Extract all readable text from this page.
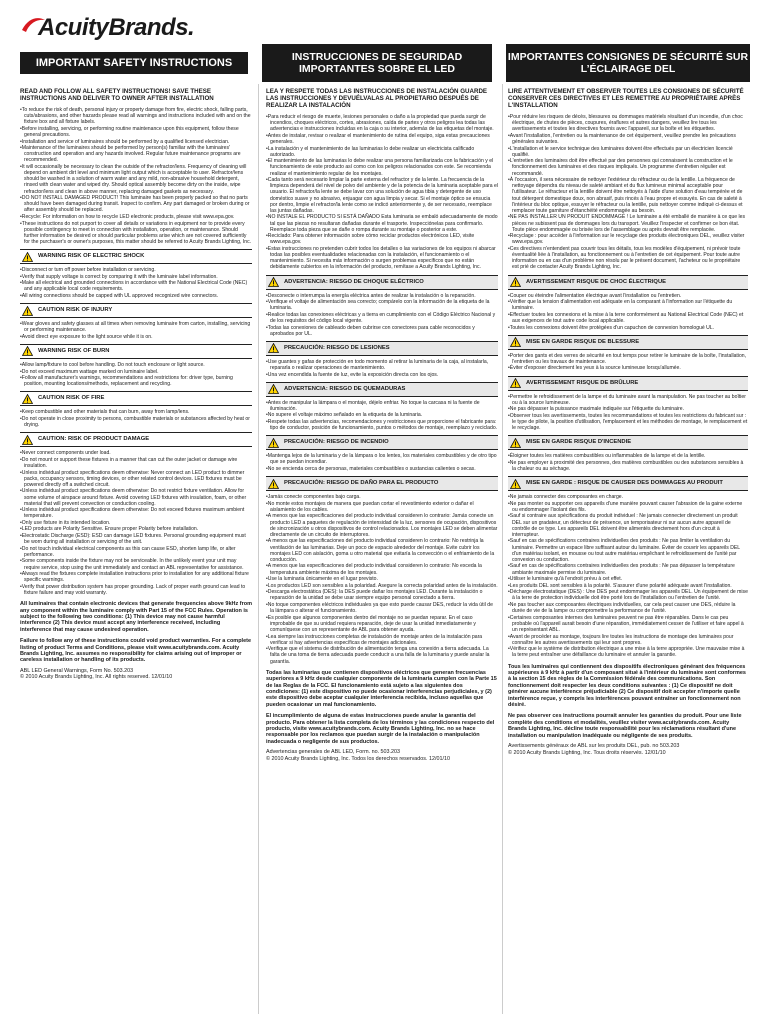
AcuityBrands.
IMPORTANT SAFETY INSTRUCTIONS	INSTRUCCIONES DE SEGURIDAD IMPORTANTES SOBRE EL LED
IMPORTANTES CONSIGNES DE SÉCURITÉ SUR L’ÉCLAIRAGE DEL
READ AND FOLLOW ALL SAFETY INSTRUCTIONS! SAVE THESE INSTRUCTIONS AND DELIVER TO OWNER AFTER INSTALLATION
• To reduce the risk of death, personal injury or property damage from fire, electric shock, falling parts, cuts/abrasions, and other hazards please read all warnings and instructions included with and on the fixture box and all fixture labels.
• Before installing, servicing, or performing routine maintenance upon this equipment, follow these general precautions.
• Installation and service of luminaires should be performed by a qualified licensed electrician.
• Maintenance of the luminaires should be performed by person(s) familiar with the luminaires' construction and operation and any hazards involved. Regular future maintenance programs are recommended.
• It will occasionally be necessary to clean the outside of the refractor/lens. Frequency of cleaning will depend on ambient dirt level and minimum light output which is acceptable to user. Refractor/lens should be washed in a solution of warm water and any mild, non-abrasive household detergent, rinsed with clean water and wiped dry. Should optical assembly become dirty on the inside, wipe refractor/lens and clean in above manner, replacing damaged gaskets as necessary.
• DO NOT INSTALL DAMAGED PRODUCT! This luminaire has been properly packed so that no parts should have been damaged during transit. Inspect to confirm. Any part damaged or broken during or after assembly should be replaced.
• Recycle: For information on how to recycle LED electronic products, please visit www.epa.gov.
• These instructions do not purport to cover all details or variations in equipment nor to provide every possible contingency to meet in connection with installation, operation, or maintenance. Should further information be desired or should particular problems arise which are not covered sufficiently for the purchaser's or owner's purposes, this matter should be referred to Acuity Brands Lighting, Inc.
WARNING RISK OF ELECTRIC SHOCK
• Disconnect or turn off power before installation or servicing.
• Verify that supply voltage is correct by comparing it with the luminaire label information.
• Make all electrical and grounded connections in accordance with the National Electrical Code (NEC) and any applicable local code requirements.
• All wiring connections should be capped with UL approved recognized wire connectors.
CAUTION RISK OF INJURY
• Wear gloves and safety glasses at all times when removing luminaire from carton, installing, servicing or performing maintenance.
• Avoid direct eye exposure to the light source while it is on.
WARNING RISK OF BURN
• Allow lamp/fixture to cool before handling. Do not touch enclosure or light source.
• Do not exceed maximum wattage marked on luminaire label.
• Follow all manufacturer's warnings, recommendations and restrictions for: driver type, burning position, mounting locations/methods, replacement and recycling.
CAUTION RISK OF FIRE
• Keep combustible and other materials that can burn, away from lamp/lens.
• Do not operate in close proximity to persons, combustible materials or substances affected by heat or drying.
CAUTION: RISK OF PRODUCT DAMAGE
• Never connect components under load.
• Do not mount or support these fixtures in a manner that can cut the outer jacket or damage wire insulation.
• Unless individual product specifications deem otherwise: Never connect an LED product to dimmer packs, occupancy sensors, timing devices, or other related control devices. LED fixtures must be powered directly off a switched circuit.
• Unless individual product specifications deem otherwise: Do not restrict fixture ventilation. Allow for some volume of airspace around fixture. Avoid covering LED fixtures with insulation, foam, or other material that will prevent convection or conduction cooling.
• Unless individual product specifications deem otherwise: Do not exceed fixtures maximum ambient temperature.
• Only use fixture in its intended location.
• LED products are Polarity Sensitive. Ensure proper Polarity before installation.
• Electrostatic Discharge (ESD): ESD can damage LED fixtures. Personal grounding equipment must be worn during all installation or servicing of the unit.
• Do not touch individual electrical components as this can cause ESD, shorten lamp life, or alter performance.
• Some components inside the fixture may not be serviceable. In the unlikely event your unit may require service, stop using the unit immediately and contact an ABL representative for assistance.
• Always read the fixtures complete installation instructions prior to installation for any additional fixture specific warnings.
• Verify that power distribution system has proper grounding. Lack of proper earth ground can lead to fixture failure and may void warranty.
All luminaires that contain electronic devices that generate frequencies above 9kHz from any component within the luminaire comply with Part 15 of the FCC Rules. Operation is subject to the following two conditions: (1) This device may not cause harmful interference (2) This device must accept any interference received, including interference that may cause undesired operation.
Failure to follow any of these instructions could void product warranties. For a complete listing of product Terms and Conditions, please visit www.acuitybrands.com. Acuity Brands Lighting, Inc. assumes no responsibility for claims arising out of improper or careless installation or handling of its products.
ABL LED General Warnings, Form No. 503.203
© 2010 Acuity Brands Lighting, Inc. All rights reserved. 12/01/10
LEA Y RESPETE TODAS LAS INSTRUCCIONES DE INSTALACIÓN GUARDE LAS INSTRUCCIONES Y DEVUÉLVALAS AL PROPIETARIO DESPUÉS DE REALIZAR LA INSTALACIÓN
• Para reducir el riesgo de muerte, lesiones personales o daño a la propiedad que pueda surgir de incendios, choques eléctricos, cortes, abrasiones, caída de partes y otros peligros lea todas las advertencias e instrucciones incluidas en la caja o su interior, además de las etiquetas del montaje.
• Antes de instalar, revisar o realizar el mantenimiento de rutina del equipo, siga estas precauciones generales.
• La instalación y el mantenimiento de las luminarias lo debe realizar un electricista calificado autorizado.
• El mantenimiento de las luminarias lo debe realizar una persona familiarizada con la fabricación y el funcionamiento de este producto así como con los peligros relacionados con este. Se recomienda realizar el mantenimiento regular de los montajes.
• Cada tanto será necesario limpiar la parte externa del refractor y de la lente. La frecuencia de la limpieza dependerá del nivel de polvo del ambiente y de la potencia de la luminaria aceptable para el usuario. El refractor/la lente se debe lavar con una solución de agua tibia y detergente de uso doméstico suave y no abrasivo, enjuagar con agua limpia y secar. Si el montaje óptico se ensucia por dentro, limpie el refractor/la lente como se indicó anteriormente y, de ser necesario, reemplace las juntas dañadas.
• NO INSTALE EL PRODUCTO SI ESTÁ DAÑADO Esta luminaria se embaló adecuadamente de modo tal que las piezas no resultaran dañadas durante el trasporte. Inspecciónelas para confirmarlo. Reemplace toda pieza que se dañe o rompa durante su montaje o posterior a este.
• Reciclado: Para obtener información sobre cómo reciclar productos electrónicos LED, visite www.epa.gov.
• Estas instrucciones no pretenden cubrir todos los detalles o las variaciones de los equipos ni abarcar todas las posibles eventualidades relacionadas con la instalación, el funcionamiento o el mantenimiento. Si necesita más información o surgen problemas específicos que no están debidamente cubiertos en la información del producto, remítase a Acuity Brands Lighting, Inc.
ADVERTENCIA: RIESGO DE CHOQUE ELÉCTRICO
• Desconecte o interrumpa la energía eléctrica antes de realizar la instalación o la reparación.
• Verifique el voltaje de alimentación sea correcto; compárelo con la información de la etiqueta de la luminaria.
• Realice todas las conexiones eléctricas y a tierra en cumplimiento con el Código Eléctrico Nacional y de los requisitos del código local vigente.
• Todas las conexiones de cableado deben cubrirse con conectores para cable reconocidos y aprobados por UL.
PRECAUCIÓN: RIESGO DE LESIONES
• Use guantes y gafas de protección en todo momento al retirar la luminaria de la caja, al instalarla, repararla o realizar operaciones de mantenimiento.
• Una vez encendida la fuente de luz, evite la exposición directa con los ojos.
ADVERTENCIA: RIESGO DE QUEMADURAS
• Antes de manipular la lámpara o el montaje, déjelo enfriar. No toque la carcasa ni la fuente de iluminación.
• No supere el voltaje máximo señalado en la etiqueta de la luminaria.
• Respete todas las advertencias, recomendaciones y restricciones que proporcione el fabricante para: tipo de conductor, posición de funcionamiento, puntos o métodos de montaje, reemplazo y reciclado.
PRECAUCIÓN: RIESGO DE INCENDIO
• Mantenga lejos de la luminaria y de la lámpara o los lentes, los materiales combustibles y de otro tipo que se puedan incendiar.
• No se encienda cerca de personas, materiales combustibles o sustancias calientes o secas.
PRECAUCIÓN: RIESGO DE DAÑO PARA EL PRODUCTO
• Jamás conecte componentes bajo carga.
• No monte estos montajes de manera que puedan cortar el revestimiento exterior o dañar el aislamiento de los cables.
• A menos que las especificaciones del producto individual consideren lo contrario: Jamás conecte un producto LED a paquetes de regulación de intensidad de la luz, sensores de ocupación, dispositivos de sincronización u otros dispositivos de control relacionados. Los montajes LED se deben alimentar directamente de un circuito de interruptores.
• A menos que las especificaciones del producto individual consideren lo contrario: No restrinja la ventilación de las luminarias. Deje un poco de espacio alrededor del montaje. Evite cubrir los montajes LED con aislación, goma u otro material que evitaría la convección o el enfriamiento de la conducción.
• A menos que las especificaciones del producto individual consideren lo contrario: No exceda la temperatura ambiente máxima de los montajes.
• Use la luminaria únicamente en el lugar previsto.
• Los productos LED son sensibles a la polaridad. Asegure la correcta polaridad antes de la instalación.
• Descarga electrostática (DES): la DES puede dañar los montajes LED. Durante la instalación o reparación de la unidad se debe usar siempre equipo personal conectado a tierra.
• No toque componentes eléctricos individuales ya que esto puede causar DES, reducir la vida útil de la lámpara o alterar el funcionamiento.
• Es posible que algunos componentes dentro del montaje no se puedan reparar. En el caso improbable de que su unidad requiera reparación, deje de usar la unidad inmediatamente y comuníquese con un representante de ABL para obtener ayuda.
• Lea siempre las instrucciones completas de instalación de montaje antes de la instalación para verificar si hay advertencias específicas de montajes adicionales.
• Verifique que el sistema de distribución de alimentación tenga una conexión a tierra adecuada. La falta de una toma de tierra adecuada puede conducir a una falla de la luminaria y puede anular la garantía.
Todas las luminarias que contienen dispositivos eléctricos que generan frecuencias superiores a 9 kHz desde cualquier componente de la luminaria cumplen con la Parte 15 de las Reglas de la FCC. El funcionamiento está sujeto a las siguientes dos condiciones: (1) este dispositivo no puede ocasionar interferencias perjudiciales, y (2) este dispositivo debe aceptar cualquier interferencia recibida, incluso aquellas que pueden ocasionar un mal funcionamiento.
El incumplimiento de alguna de estas instrucciones puede anular la garantía del producto. Para obtener la lista completa de los términos y las condiciones respecto del producto, visite www.acuitybrands.com. Acuity Brands Lighting, Inc. no se hace responsable por los reclamos que puedan surgir de la instalación o manipulación inadecuada o negligente de sus productos.
Advertencias generales de ABL LED, Form. no. 503.203
© 2010 Acuity Brands Lighting, Inc. Todos los derechos reservados. 12/01/10
LIRE ATTENTIVEMENT ET OBSERVER TOUTES LES CONSIGNES DE SÉCURITÉ CONSERVER CES DIRECTIVES ET LES REMETTRE AU PROPRIÉTAIRE APRÈS L'INSTALLATION
• Pour réduire les risques de décès, blessures ou dommages matériels résultant d'un incendie, d'un choc électrique, de chutes de pièces, coupures, éraflures et autres dangers, veuillez lire tous les avertissements et toutes les directives fournis avec l'appareil, sur la boîte et les étiquettes.
• Avant l'installation, l'entretien ou la maintenance de cet équipement, veuillez prendre les précautions générales suivantes.
• L'installation et le service technique des luminaires doivent être effectués par un électricien licencié qualifié.
• L'entretien des luminaires doit être effectué par des personnes qui connaissent la construction et le fonctionnement des luminaires et des risques impliqués. Un programme d'entretien régulier est recommandé.
• À l'occasion, il sera nécessaire de nettoyer l'extérieur du réfracteur ou de la lentille. La fréquence de nettoyage dépendra du niveau de saleté ambiant et du flux lumineux minimal acceptable pour l'utilisateur. Le réfracteur et la lentille doivent être nettoyés à l'aide d'une solution d'eau tempérée et de tout détergent domestique doux, non abrasif, puis rincés à l'eau propre et essuyés. En cas de saleté à l'intérieur du bloc optique, essuyer le réfracteur ou la lentille, puis nettoyer comme indiqué ci-dessus et remplacer toute garniture d'étanchéité endommagée au besoin.
• NE PAS INSTALLER UN PRODUIT ENDOMMAGÉ ! Le luminaire a été emballé de manière à ce que les pièces ne subissent pas de dommages lors du transport. Veuillez l'inspecter et confirmer ce bon état. Toute pièce endommagée ou brisée lors de l'assemblage ou après devrait être remplacée.
• Recyclage : pour accéder à l'information sur le recyclage des produits électroniques DEL, veuillez visiter www.epa.gov.
• Ces directives n'entendent pas couvrir tous les détails, tous les modèles d'équipement, ni prévoir toute éventualité liée à l'installation, au fonctionnement ou à l'entretien de cet équipement. Pour toute autre information ou en cas d'un problème non résolu par le présent document, l'acheteur ou le propriétaire est prié de contacter Acuity Brands Lighting, Inc.
AVERTISSEMENT RISQUE DE CHOC ÉLECTRIQUE
• Couper ou éteindre l'alimentation électrique avant l'installation ou l'entretien.
• Vérifier que la tension d'alimentation est adéquate en la comparant à l'information sur l'étiquette du luminaire.
• Effectuer toutes les connexions et la mise à la terre conformément au National Electrical Code (NEC) et aux exigences de tout autre code local applicable.
• Toutes les connexions doivent être protégées d'un capuchon de connexion homologué UL.
MISE EN GARDE RISQUE DE BLESSURE
• Porter des gants et des verres de sécurité en tout temps pour retirer le luminaire de la boîte, l'installation, l'entretien ou les travaux de maintenance.
• Éviter d'exposer directement les yeux à la source lumineuse lorsqu'allumée.
AVERTISSEMENT RISQUE DE BRÛLURE
• Permettre le refroidissement de la lampe et du luminaire avant la manipulation. Ne pas toucher au boîtier ou à la source lumineuse.
• Ne pas dépasser la puissance maximale indiquée sur l'étiquette du luminaire.
• Observer tous les avertissements, toutes les recommandations et toutes les restrictions du fabricant sur : le type de pilote, la position d'utilisation, l'emplacement et les méthodes de montage, le remplacement et le recyclage.
MISE EN GARDE RISQUE D'INCENDIE
• Éloigner toutes les matières combustibles ou inflammables de la lampe et de la lentille.
• Ne pas employer à proximité des personnes, des matières combustibles ou des substances sensibles à la chaleur ou au séchage.
MISE EN GARDE : RISQUE DE CAUSER DES DOMMAGES AU PRODUIT
• Ne jamais connecter des composantes en charge.
• Ne pas monter ou supporter ces appareils d'une manière pouvant causer l'abrasion de la gaine externe ou endommager l'isolant des fils.
• Sauf si contraire aux spécifications du produit individuel : Ne jamais connecter directement un produit DEL sur un gradateur, un détecteur de présence, un temporisateur ni sur aucun autre appareil de contrôle de ce type. Les appareils DEL doivent être alimentés directement hors d'un circuit à interrupteur.
• Sauf en cas de spécifications contraires individuelles des produits : Ne pas limiter la ventilation du luminaire. Permettre un espace libre suffisant autour du luminaire. Éviter de couvrir les appareils DEL d'un matériau isolant, en mousse ou tout autre matériau empêchant le refroidissement de l'unité par convexion ou conduction.
• Sauf en cas de spécifications contraires individuelles des produits : Ne pas dépasser la température ambiante maximale permise du luminaire.
• Utiliser le luminaire qu'à l'endroit prévu à cet effet.
• Les produits DEL sont sensibles à la polarité. S'assurer d'une polarité adéquate avant l'installation.
• Décharge électrostatique (DES) : Une DES peut endommager les appareils DEL. Un équipement de mise à la terre de protection individuelle doit être porté lors de l'installation ou l'entretien de l'unité.
• Ne pas toucher aux composantes électriques individuelles, car cela peut causer une DES, réduire la durée de vie de la lampe ou compromettre la performance de l'unité.
• Certaines composantes internes des luminaires peuvent ne pas être réparables. Dans le cas peu probable où l'appareil aurait besoin d'une réparation, immédiatement cesser de l'utiliser et faire appel à un représentant ABL.
• Avant de procéder au montage, toujours lire toutes les instructions de montage des luminaires pour connaître les autres avertissements qui leur sont propres.
• Vérifiez que le système de distribution électrique a une mise à la terre appropriée. Une mauvaise mise à la terre peut entraîner une défaillance du luminaire et annuler la garantie.
Tous les luminaires qui contiennent des dispositifs électroniques générant des fréquences supérieures à 9 kHz à partir d'un composant situé à l'intérieur du luminaire sont conformes à la section 15 des règles de la Commission fédérale des communications. Son fonctionnement doit respecter les deux conditions suivantes : (1) Ce dispositif ne doit générer aucune interférence préjudiciable (2) Ce dispositif doit accepter n'importe quelle interférence reçue, y compris les interférences pouvant entraîner un fonctionnement non désiré.
Ne pas observer ces instructions pourrait annuler les garanties du produit. Pour une liste complète des conditions et modalités, veuillez visiter www.acuitybrands.com. Acuity Brands Lighting, Inc. décline toute responsabilité pour les réclamations résultant d'une installation ou manipulation inadéquate ou négligente de ses produits.
Avertissements généraux de ABL sur les produits DEL, pub. no 503.203
© 2010 Acuity Brands Lighting, Inc. Tous droits réservés. 12/01/10
